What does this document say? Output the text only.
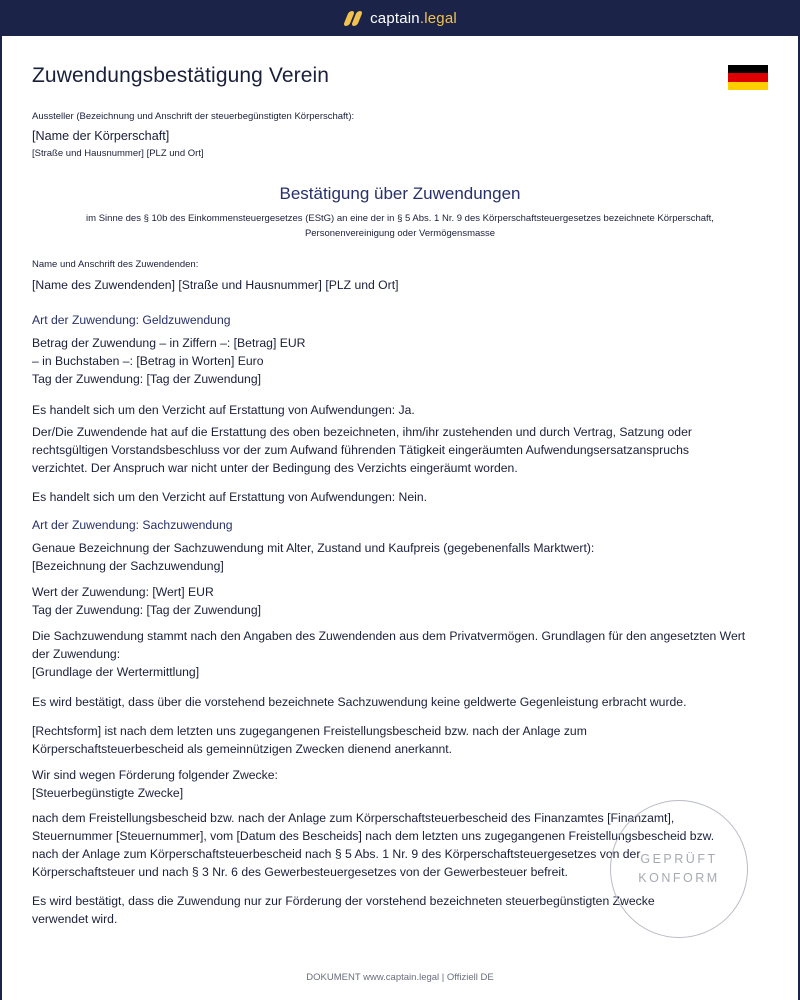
captain.legal
Zuwendungsbestätigung Verein
Aussteller (Bezeichnung und Anschrift der steuerbegünstigten Körperschaft):
[Name der Körperschaft]
[Straße und Hausnummer] [PLZ und Ort]
Bestätigung über Zuwendungen
im Sinne des § 10b des Einkommensteuergesetzes (EStG) an eine der in § 5 Abs. 1 Nr. 9 des Körperschaftsteuergesetzes bezeichnete Körperschaft,
Personenvereinigung oder Vermögensmasse
Name und Anschrift des Zuwendenden:
[Name des Zuwendenden] [Straße und Hausnummer] [PLZ und Ort]
Art der Zuwendung: Geldzuwendung
Betrag der Zuwendung – in Ziffern –: [Betrag] EUR
– in Buchstaben –: [Betrag in Worten] Euro
Tag der Zuwendung: [Tag der Zuwendung]
Es handelt sich um den Verzicht auf Erstattung von Aufwendungen: Ja.
Der/Die Zuwendende hat auf die Erstattung des oben bezeichneten, ihm/ihr zustehenden und durch Vertrag, Satzung oder
rechtsgültigen Vorstandsbeschluss vor der zum Aufwand führenden Tätigkeit eingeräumten Aufwendungsersatzanspruchs
verzichtet. Der Anspruch war nicht unter der Bedingung des Verzichts eingeräumt worden.
Es handelt sich um den Verzicht auf Erstattung von Aufwendungen: Nein.
Art der Zuwendung: Sachzuwendung
Genaue Bezeichnung der Sachzuwendung mit Alter, Zustand und Kaufpreis (gegebenenfalls Marktwert):
[Bezeichnung der Sachzuwendung]
Wert der Zuwendung: [Wert] EUR
Tag der Zuwendung: [Tag der Zuwendung]
Die Sachzuwendung stammt nach den Angaben des Zuwendenden aus dem Privatvermögen. Grundlagen für den angesetzten Wert
der Zuwendung:
[Grundlage der Wertermittlung]
Es wird bestätigt, dass über die vorstehend bezeichnete Sachzuwendung keine geldwerte Gegenleistung erbracht wurde.
[Rechtsform] ist nach dem letzten uns zugegangenen Freistellungsbescheid bzw. nach der Anlage zum
Körperschaftsteuerbescheid als gemeinnützigen Zwecken dienend anerkannt.
Wir sind wegen Förderung folgender Zwecke:
[Steuerbegünstigte Zwecke]
nach dem Freistellungsbescheid bzw. nach der Anlage zum Körperschaftsteuerbescheid des Finanzamtes [Finanzamt],
Steuernummer [Steuernummer], vom [Datum des Bescheids] nach dem letzten uns zugegangenen Freistellungsbescheid bzw.
nach der Anlage zum Körperschaftsteuerbescheid nach § 5 Abs. 1 Nr. 9 des Körperschaftsteuergesetzes von der
Körperschaftsteuer und nach § 3 Nr. 6 des Gewerbesteuergesetzes von der Gewerbesteuer befreit.
Es wird bestätigt, dass die Zuwendung nur zur Förderung der vorstehend bezeichneten steuerbegünstigten Zwecke
verwendet wird.
GEPRÜFT
KONFORM
DOKUMENT www.captain.legal | Offiziell DE
